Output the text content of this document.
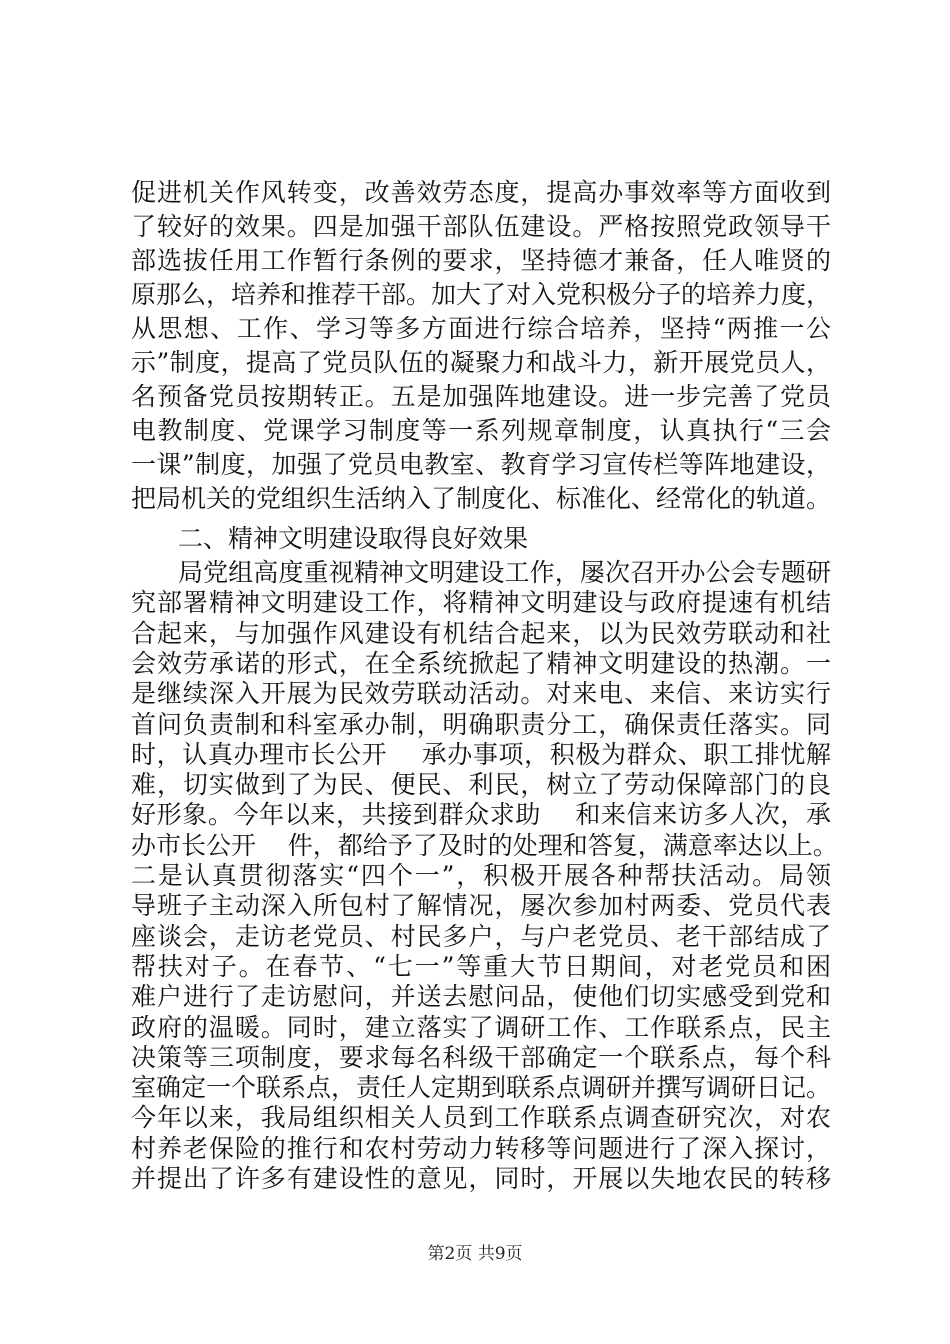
促进机关作风转变，改善效劳态度，提高办事效率等方面收到
了较好的效果。四是加强干部队伍建设。严格按照党政领导干
部选拔任用工作暂行条例的要求，坚持德才兼备，任人唯贤的
原那么，培养和推荐干部。加大了对入党积极分子的培养力度，
从思想、工作、学习等多方面进行综合培养，坚持“两推一公
示”制度，提高了党员队伍的凝聚力和战斗力，新开展党员人，
名预备党员按期转正。五是加强阵地建设。进一步完善了党员
电教制度、党课学习制度等一系列规章制度，认真执行“三会
一课”制度，加强了党员电教室、教育学习宣传栏等阵地建设，
把局机关的党组织生活纳入了制度化、标准化、经常化的轨道。
二、精神文明建设取得良好效果
局党组高度重视精神文明建设工作，屡次召开办公会专题研
究部署精神文明建设工作，将精神文明建设与政府提速有机结
合起来，与加强作风建设有机结合起来，以为民效劳联动和社
会效劳承诺的形式，在全系统掀起了精神文明建设的热潮。一
是继续深入开展为民效劳联动活动。对来电、来信、来访实行
首问负责制和科室承办制，明确职责分工，确保责任落实。同
时，认真办理市长公开    承办事项，积极为群众、职工排忧解
难，切实做到了为民、便民、利民，树立了劳动保障部门的良
好形象。今年以来，共接到群众求助    和来信来访多人次，承
办市长公开    件，都给予了及时的处理和答复，满意率达以上。
二是认真贯彻落实“四个一”，积极开展各种帮扶活动。局领
导班子主动深入所包村了解情况，屡次参加村两委、党员代表
座谈会，走访老党员、村民多户，与户老党员、老干部结成了
帮扶对子。在春节、“七一”等重大节日期间，对老党员和困
难户进行了走访慰问，并送去慰问品，使他们切实感受到党和
政府的温暖。同时，建立落实了调研工作、工作联系点，民主
决策等三项制度，要求每名科级干部确定一个联系点，每个科
室确定一个联系点，责任人定期到联系点调研并撰写调研日记。
今年以来，我局组织相关人员到工作联系点调查研究次，对农
村养老保险的推行和农村劳动力转移等问题进行了深入探讨，
并提出了许多有建设性的意见，同时，开展以失地农民的转移
第2页 共9页
